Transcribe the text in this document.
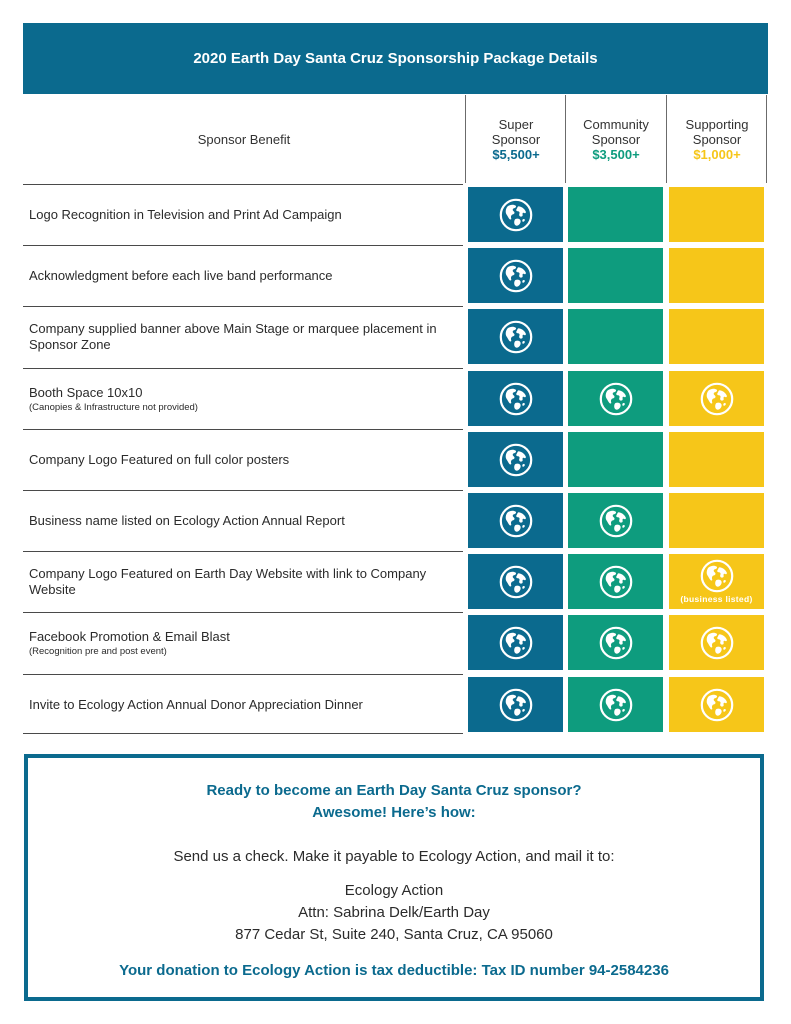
2020 Earth Day Santa Cruz Sponsorship Package Details
Sponsor Benefit
Super
Sponsor
$5,500+
Community
Sponsor
$3,500+
Supporting
Sponsor
$1,000+
Logo Recognition in Television and Print Ad Campaign
Acknowledgment before each live band performance
Company supplied banner above Main Stage or marquee placement in Sponsor Zone
Booth Space 10x10
(Canopies & Infrastructure not provided)
Company Logo Featured on full color posters
Business name listed on Ecology Action Annual Report
Company Logo Featured on Earth Day Website with link to Company Website
(business listed)
Facebook Promotion & Email Blast
(Recognition pre and post event)
Invite to Ecology Action Annual Donor Appreciation Dinner
Ready to become an Earth Day Santa Cruz sponsor?
Awesome! Here’s how:
Send us a check. Make it payable to Ecology Action, and mail it to:
Ecology Action
Attn: Sabrina Delk/Earth Day
877 Cedar St, Suite 240, Santa Cruz, CA 95060
Your donation to Ecology Action is tax deductible: Tax ID number 94-2584236
